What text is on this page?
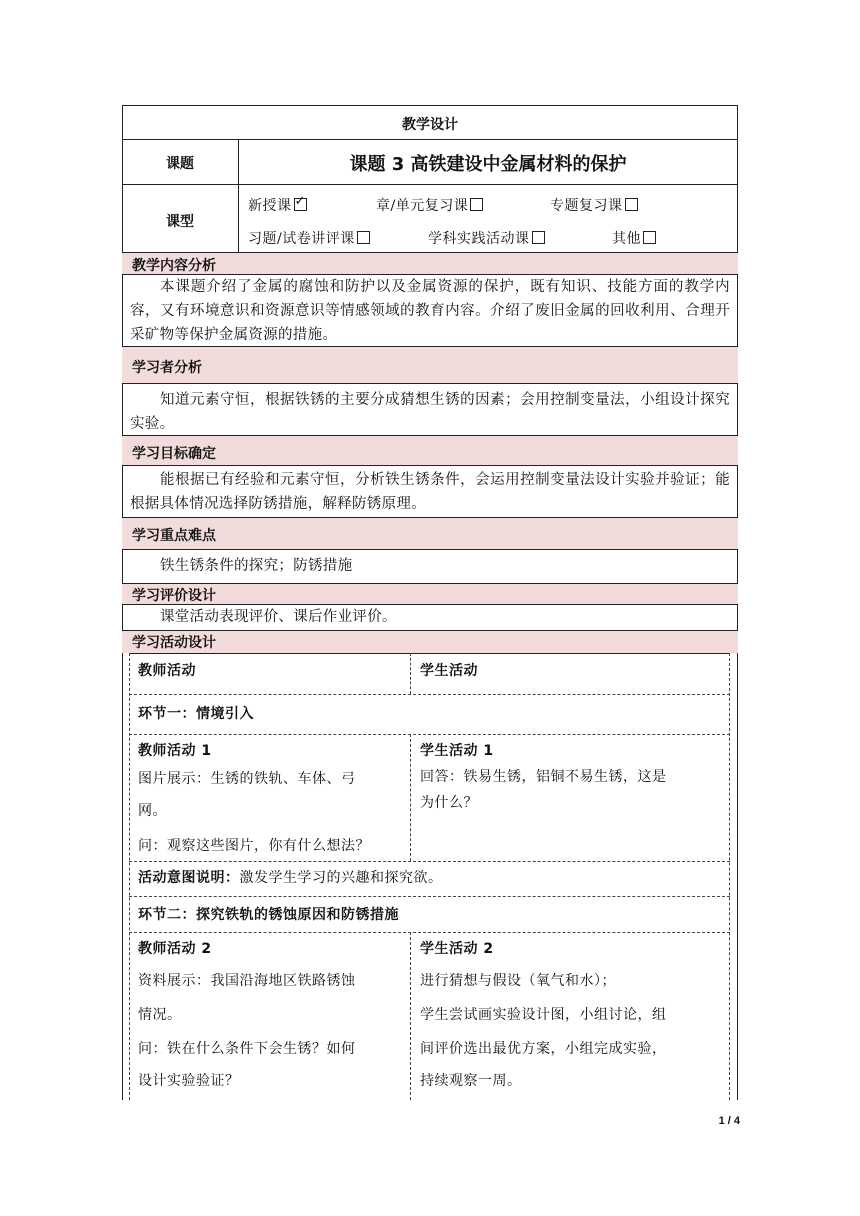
教学设计
课题	课题 3 高铁建设中金属材料的保护
课型
新授课✓	章/单元复习课	专题复习课
习题/试卷讲评课	学科实践活动课	其他
教学内容分析
本课题介绍了金属的腐蚀和防护以及金属资源的保护，既有知识、技能方面的教学内容，又有环境意识和资源意识等情感领域的教育内容。介绍了废旧金属的回收利用、合理开采矿物等保护金属资源的措施。
学习者分析
知道元素守恒，根据铁锈的主要分成猜想生锈的因素；会用控制变量法，小组设计探究实验。
学习目标确定
能根据已有经验和元素守恒，分析铁生锈条件，会运用控制变量法设计实验并验证；能根据具体情况选择防锈措施，解释防锈原理。
学习重点难点
铁生锈条件的探究；防锈措施
学习评价设计
课堂活动表现评价、课后作业评价。
学习活动设计
教师活动	学生活动
环节一：情境引入
教师活动 1
图片展示：生锈的铁轨、车体、弓
网。
问：观察这些图片，你有什么想法？
学生活动 1
回答：铁易生锈，铝铜不易生锈，这是
为什么？
活动意图说明：激发学生学习的兴趣和探究欲。
环节二：探究铁轨的锈蚀原因和防锈措施
教师活动 2
资料展示：我国沿海地区铁路锈蚀
情况。
问：铁在什么条件下会生锈？如何
设计实验验证？
学生活动 2
进行猜想与假设（氧气和水）；
学生尝试画实验设计图，小组讨论，组
间评价选出最优方案，小组完成实验，
持续观察一周。
1 / 4
